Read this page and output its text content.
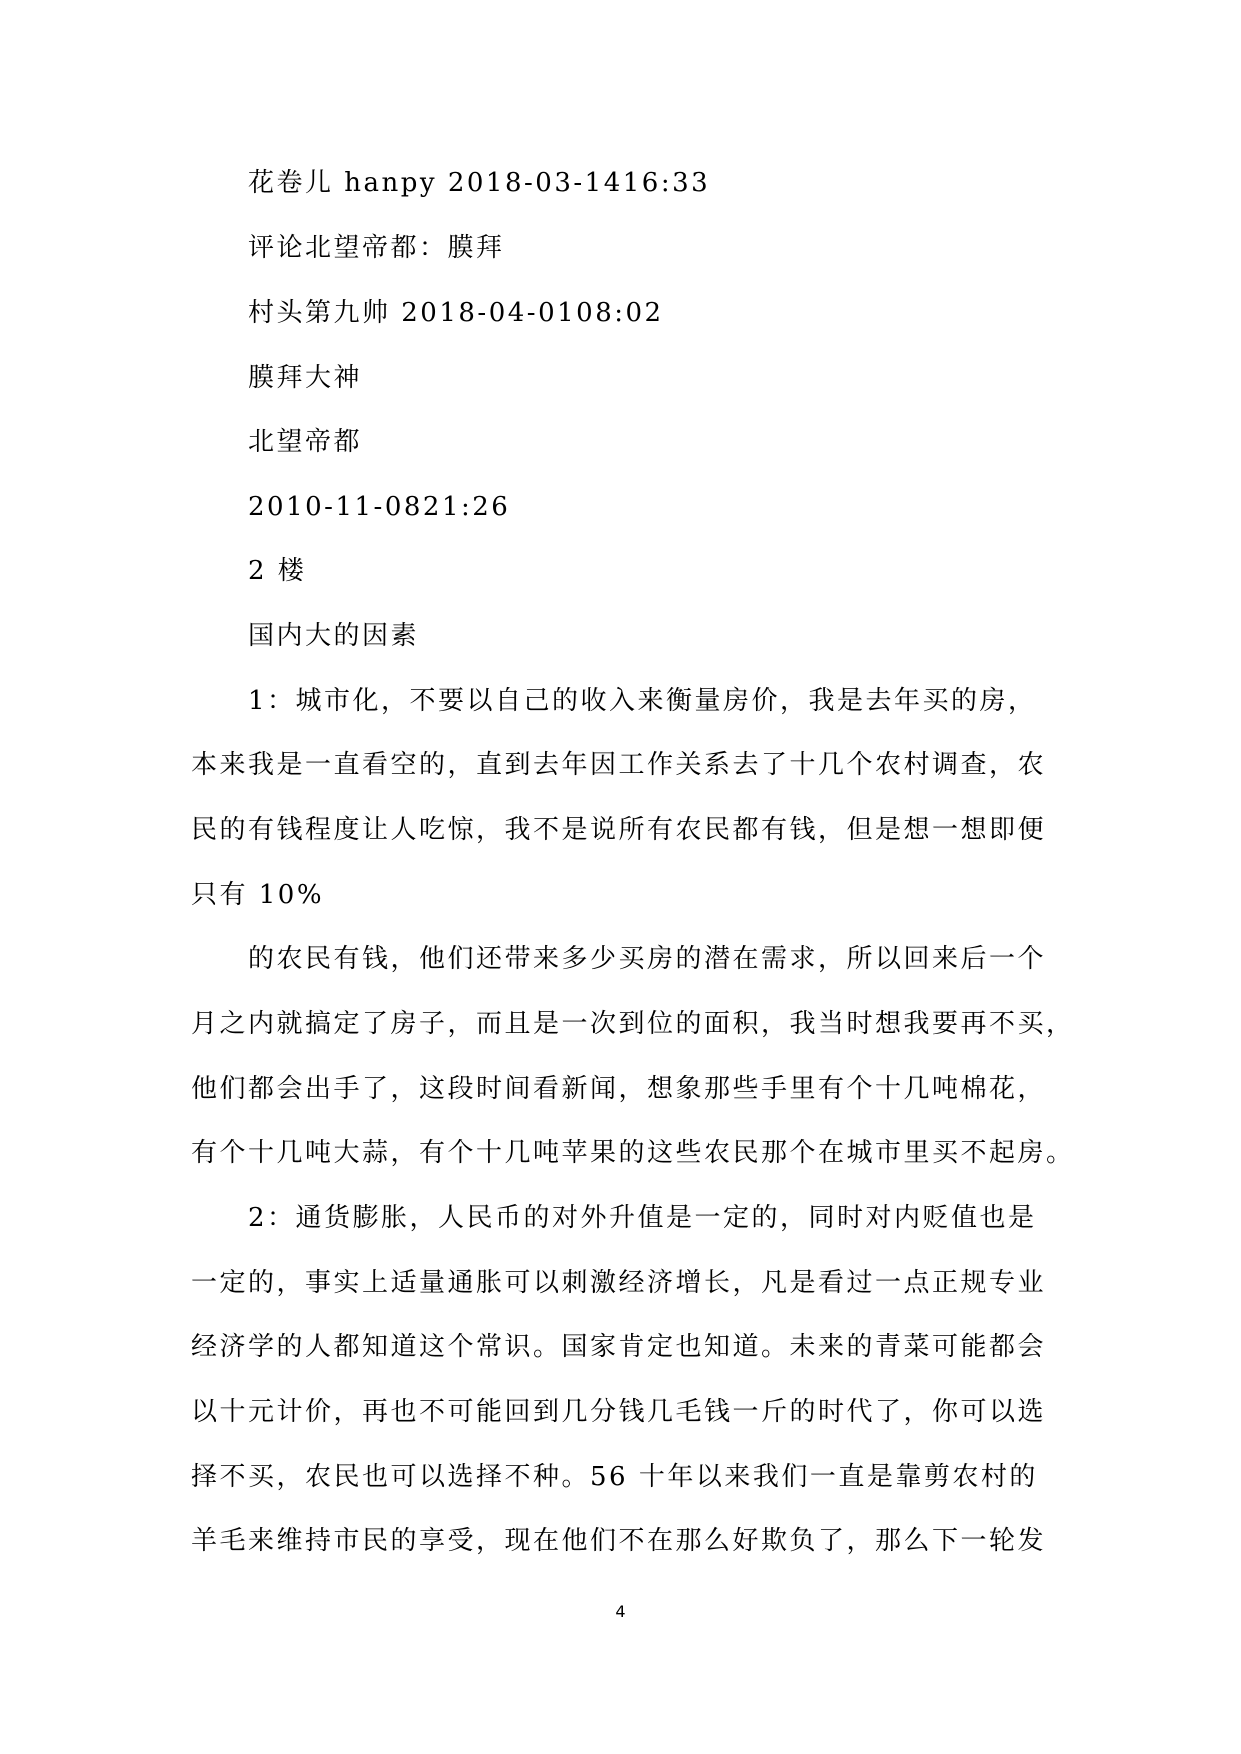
花卷儿 hanpy 2018-03-1416:33
评论北望帝都：膜拜
村头第九帅 2018-04-0108:02
膜拜大神
北望帝都
2010-11-0821:26
2 楼
国内大的因素
1：城市化，不要以自己的收入来衡量房价，我是去年买的房，
本来我是一直看空的，直到去年因工作关系去了十几个农村调查，农
民的有钱程度让人吃惊，我不是说所有农民都有钱，但是想一想即便
只有 10%
的农民有钱，他们还带来多少买房的潜在需求，所以回来后一个
月之内就搞定了房子，而且是一次到位的面积，我当时想我要再不买，
他们都会出手了，这段时间看新闻，想象那些手里有个十几吨棉花，
有个十几吨大蒜，有个十几吨苹果的这些农民那个在城市里买不起房。
2：通货膨胀，人民币的对外升值是一定的，同时对内贬值也是
一定的，事实上适量通胀可以刺激经济增长，凡是看过一点正规专业
经济学的人都知道这个常识。国家肯定也知道。未来的青菜可能都会
以十元计价，再也不可能回到几分钱几毛钱一斤的时代了，你可以选
择不买，农民也可以选择不种。56 十年以来我们一直是靠剪农村的
羊毛来维持市民的享受，现在他们不在那么好欺负了，那么下一轮发
4
